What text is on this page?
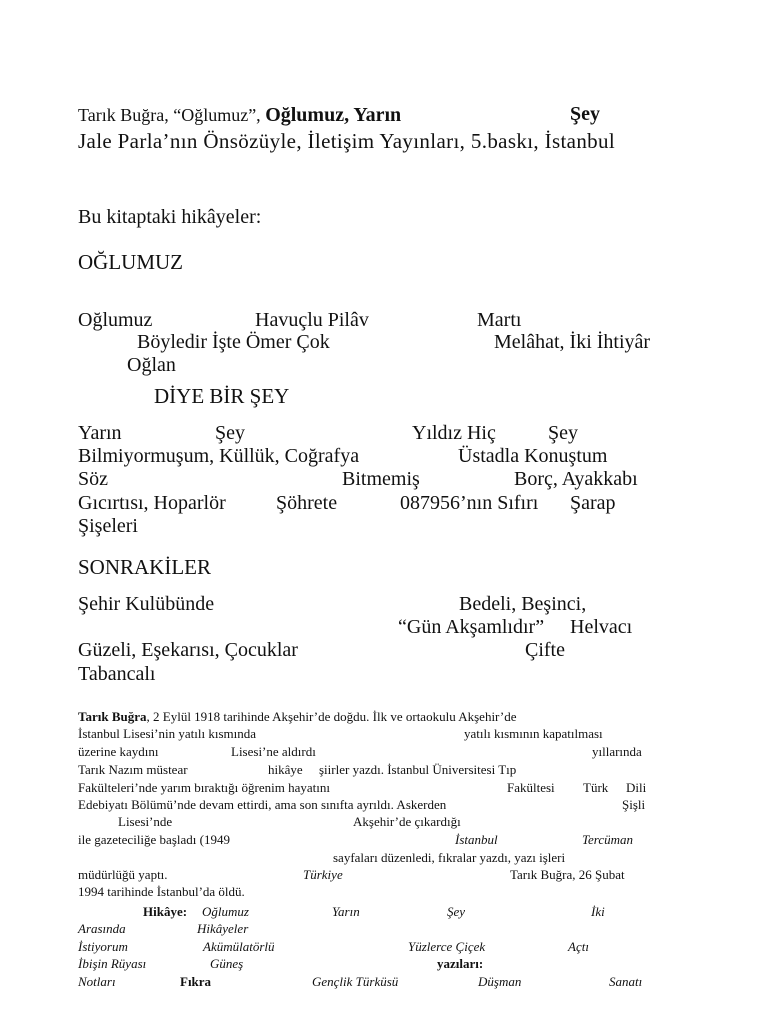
Tarık Buğra, “Oğlumuz”, Oğlumuz, Yarın	Şey
Jale Parla’nın Önsözüyle, İletişim Yayınları, 5.baskı, İstanbul
Bu kitaptaki hikâyeler:
OĞLUMUZ
Oğlumuz	Havuçlu Pilâv	Martı
Böyledir İşte Ömer Çok	Melâhat, İki İhtiyâr
Oğlan
DİYE BİR ŞEY
Yarın	Şey	Yıldız Hiç	Şey
Bilmiyormuşum, Küllük, Coğrafya	Üstadla Konuştum
Söz	Bitmemiş	Borç, Ayakkabı
Gıcırtısı, Hoparlör	Şöhrete	087956’nın Sıfırı Şarap
Şişeleri
SONRAKİLER
Şehir Kulübünde	Bedeli, Beşinci,
“Gün Akşamlıdır” Helvacı
Güzeli, Eşekarısı, Çocuklar	Çifte
Tabancalı
Tarık Buğra, 2 Eylül 1918 tarihinde Akşehir’de doğdu. İlk ve ortaokulu Akşehir’de
İstanbul Lisesi’nin yatılı kısmında	yatılı kısmının kapatılması
üzerine kaydını	Lisesi’ne aldırdı	yıllarında
Tarık Nazım müstear	hikâye şiirler yazdı. İstanbul Üniversitesi Tıp
Fakülteleri’nde yarım bıraktığı öğrenim hayatını	Fakültesi Türk Dili
Edebiyatı Bölümü’nde devam ettirdi, ama son sınıfta ayrıldı. Askerden	Şişli
Lisesi’nde	Akşehir’de çıkardığı
ile gazeteciliğe başladı (1949	İstanbul	Tercüman
sayfaları düzenledi, fıkralar yazdı, yazı işleri
müdürlüğü yaptı.	Türkiye	Tarık Buğra, 26 Şubat
1994 tarihinde İstanbul’da öldü.
Hikâye: Oğlumuz	Yarın	Şey	İki
Arasında	Hikâyeler
İstiyorum	Akümülatörlü	Yüzlerce Çiçek	Açtı
İbişin Rüyası	Güneş	yazıları:
Notları	Fıkra	Gençlik Türküsü	Düşman	Sanatı
